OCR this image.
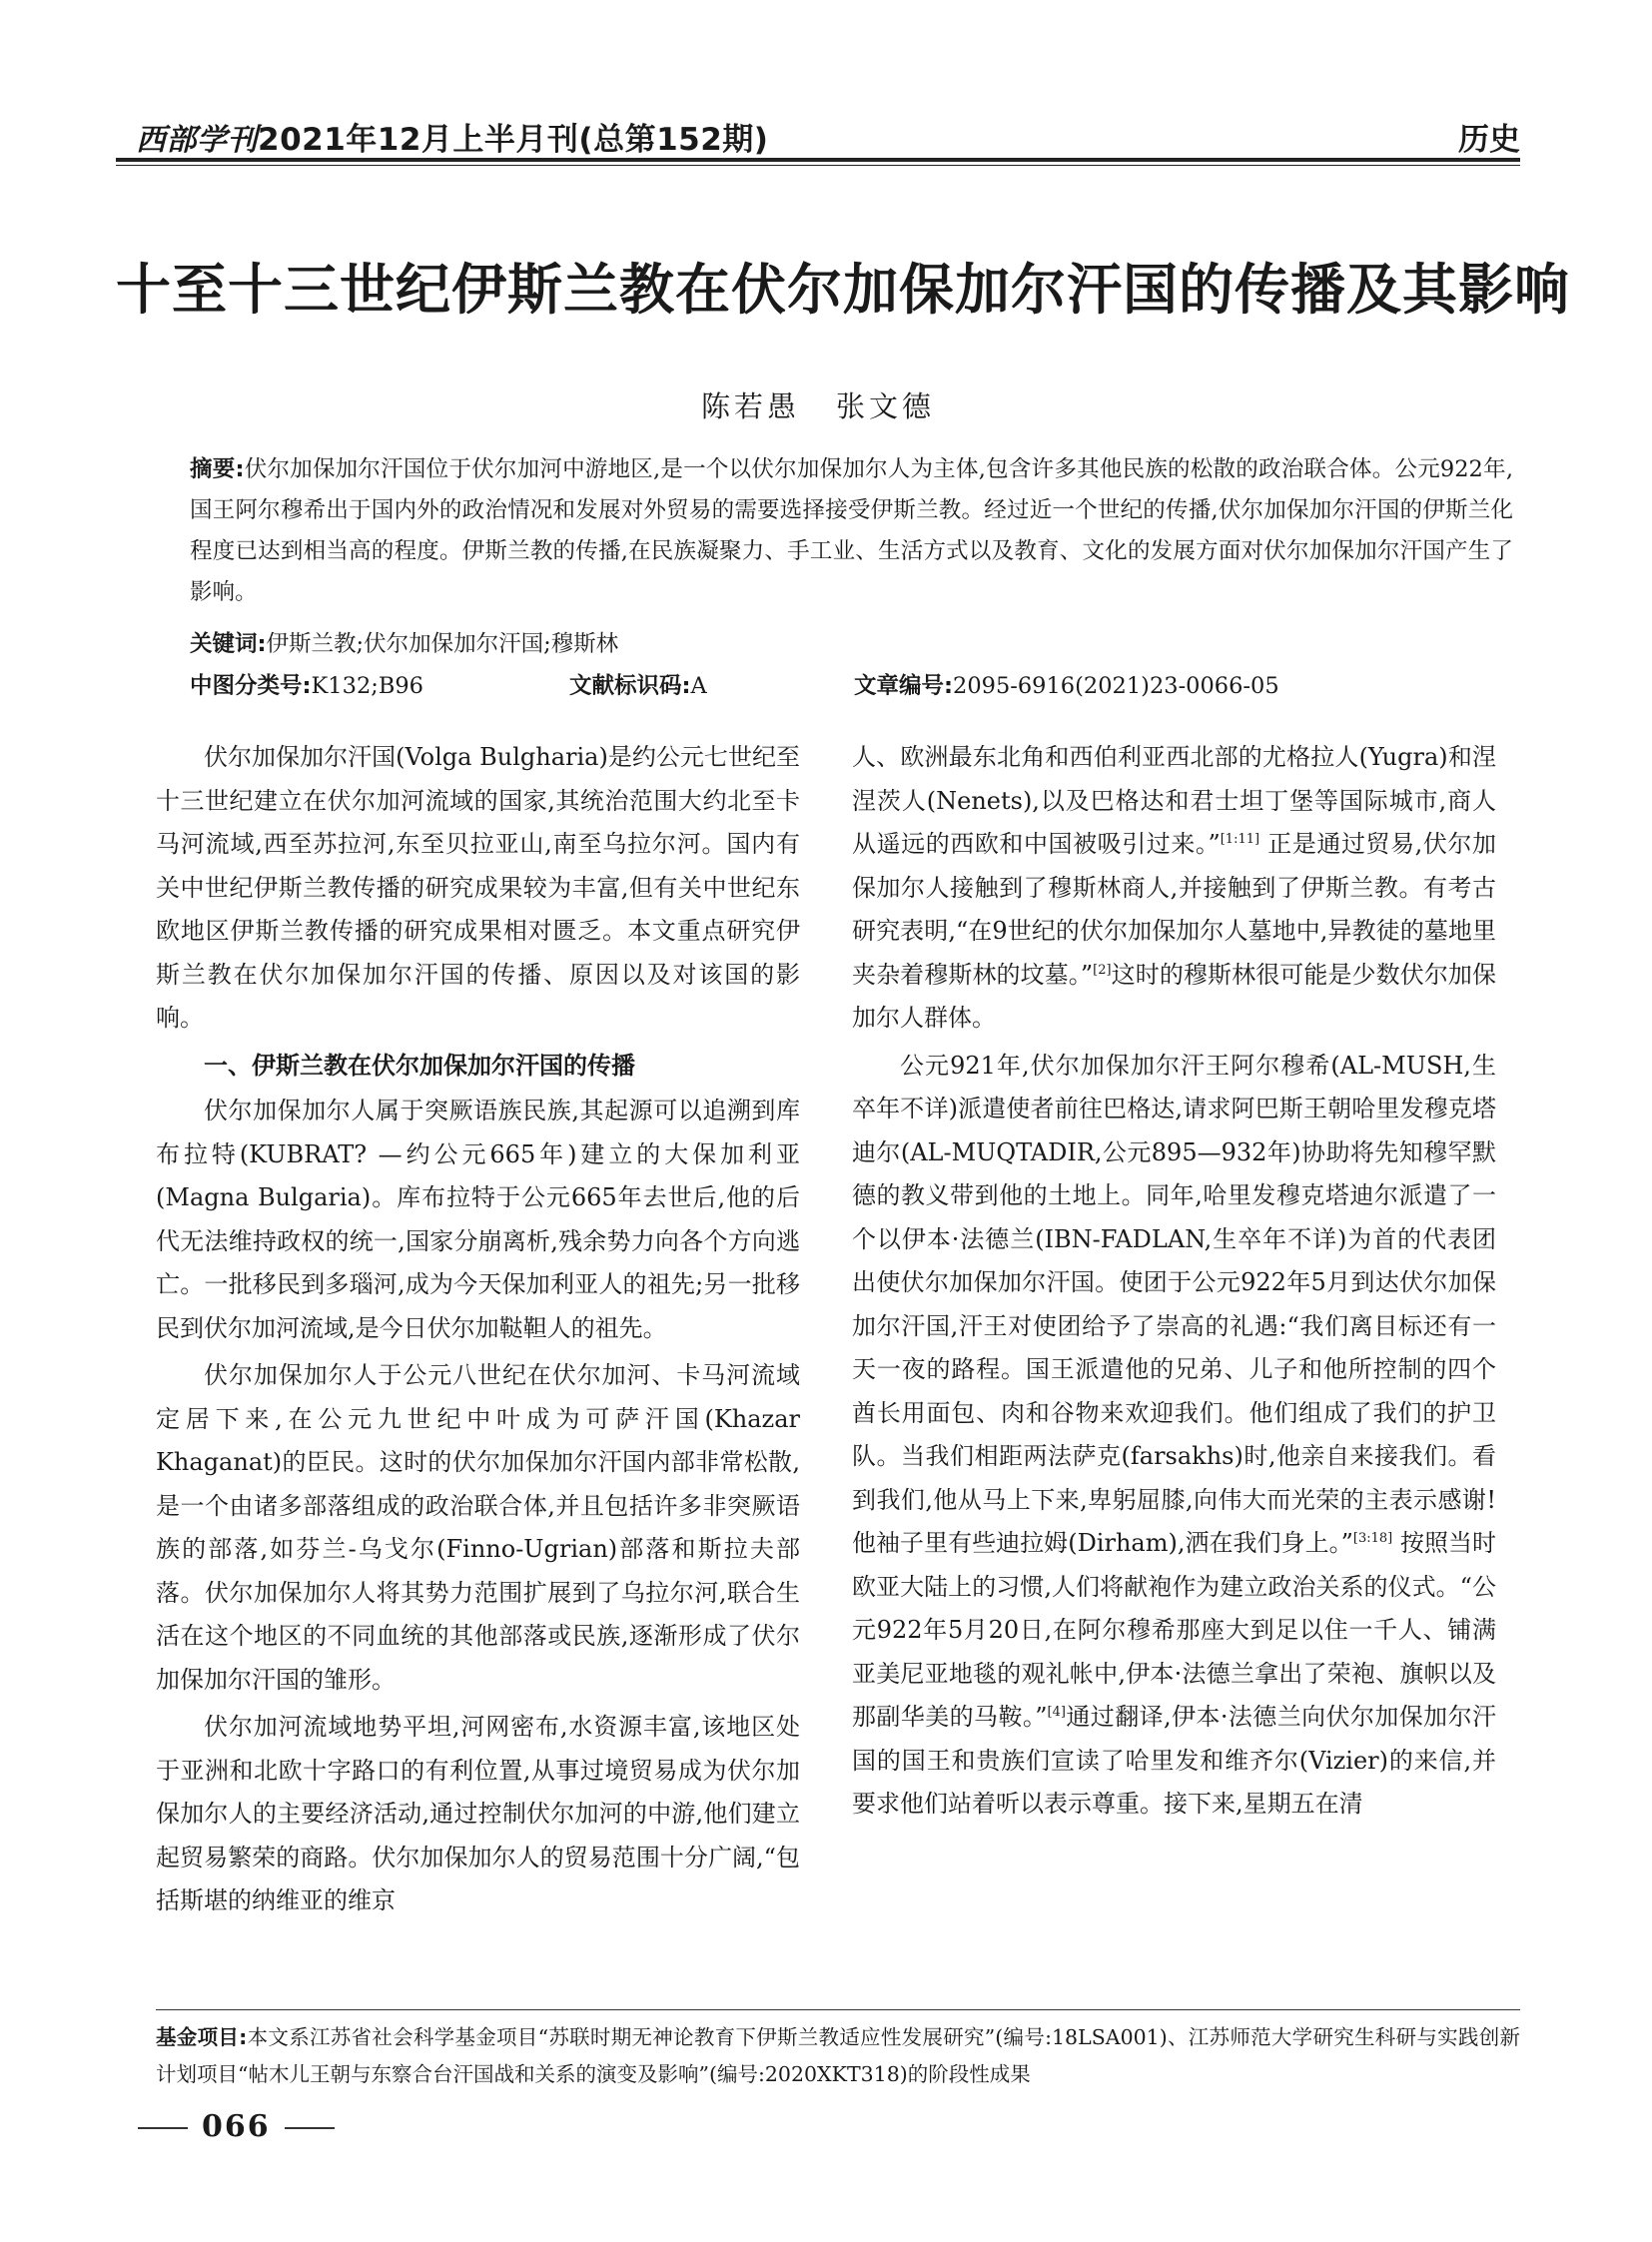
西部学刊2021年12月上半月刊(总第152期)	历史
十至十三世纪伊斯兰教在伏尔加保加尔汗国的传播及其影响
陈若愚 张文德
摘要:伏尔加保加尔汗国位于伏尔加河中游地区,是一个以伏尔加保加尔人为主体,包含许多其他民族的松散的政治联合体。公元922年,国王阿尔穆希出于国内外的政治情况和发展对外贸易的需要选择接受伊斯兰教。经过近一个世纪的传播,伏尔加保加尔汗国的伊斯兰化程度已达到相当高的程度。伊斯兰教的传播,在民族凝聚力、手工业、生活方式以及教育、文化的发展方面对伏尔加保加尔汗国产生了影响。
关键词:伊斯兰教;伏尔加保加尔汗国;穆斯林
中图分类号:K132;B96	文献标识码:A	文章编号:2095-6916(2021)23-0066-05

伏尔加保加尔汗国(Volga Bulgharia)是约公元七世纪至十三世纪建立在伏尔加河流域的国家,其统治范围大约北至卡马河流域,西至苏拉河,东至贝拉亚山,南至乌拉尔河。国内有关中世纪伊斯兰教传播的研究成果较为丰富,但有关中世纪东欧地区伊斯兰教传播的研究成果相对匮乏。本文重点研究伊斯兰教在伏尔加保加尔汗国的传播、原因以及对该国的影响。

一、伊斯兰教在伏尔加保加尔汗国的传播

伏尔加保加尔人属于突厥语族民族,其起源可以追溯到库布拉特(KUBRAT? —约公元665年)建立的大保加利亚(Magna Bulgaria)。库布拉特于公元665年去世后,他的后代无法维持政权的统一,国家分崩离析,残余势力向各个方向逃亡。一批移民到多瑙河,成为今天保加利亚人的祖先;另一批移民到伏尔加河流域,是今日伏尔加鞑靼人的祖先。

伏尔加保加尔人于公元八世纪在伏尔加河、卡马河流域定居下来,在公元九世纪中叶成为可萨汗国(Khazar Khaganat)的臣民。这时的伏尔加保加尔汗国内部非常松散,是一个由诸多部落组成的政治联合体,并且包括许多非突厥语族的部落,如芬兰-乌戈尔(Finno-Ugrian)部落和斯拉夫部落。伏尔加保加尔人将其势力范围扩展到了乌拉尔河,联合生活在这个地区的不同血统的其他部落或民族,逐渐形成了伏尔加保加尔汗国的雏形。

伏尔加河流域地势平坦,河网密布,水资源丰富,该地区处于亚洲和北欧十字路口的有利位置,从事过境贸易成为伏尔加保加尔人的主要经济活动,通过控制伏尔加河的中游,他们建立起贸易繁荣的商路。伏尔加保加尔人的贸易范围十分广阔,“包括斯堪的纳维亚的维京

人、欧洲最东北角和西伯利亚西北部的尤格拉人(Yugra)和涅涅茨人(Nenets),以及巴格达和君士坦丁堡等国际城市,商人从遥远的西欧和中国被吸引过来。”[1:11] 正是通过贸易,伏尔加保加尔人接触到了穆斯林商人,并接触到了伊斯兰教。有考古研究表明,“在9世纪的伏尔加保加尔人墓地中,异教徒的墓地里夹杂着穆斯林的坟墓。”[2]这时的穆斯林很可能是少数伏尔加保加尔人群体。

公元921年,伏尔加保加尔汗王阿尔穆希(AL-MUSH,生卒年不详)派遣使者前往巴格达,请求阿巴斯王朝哈里发穆克塔迪尔(AL-MUQTADIR,公元895—932年)协助将先知穆罕默德的教义带到他的土地上。同年,哈里发穆克塔迪尔派遣了一个以伊本·法德兰(IBN-FADLAN,生卒年不详)为首的代表团出使伏尔加保加尔汗国。使团于公元922年5月到达伏尔加保加尔汗国,汗王对使团给予了崇高的礼遇:“我们离目标还有一天一夜的路程。国王派遣他的兄弟、儿子和他所控制的四个酋长用面包、肉和谷物来欢迎我们。他们组成了我们的护卫队。当我们相距两法萨克(farsakhs)时,他亲自来接我们。看到我们,他从马上下来,卑躬屈膝,向伟大而光荣的主表示感谢!他袖子里有些迪拉姆(Dirham),洒在我们身上。”[3:18] 按照当时欧亚大陆上的习惯,人们将献袍作为建立政治关系的仪式。“公元922年5月20日,在阿尔穆希那座大到足以住一千人、铺满亚美尼亚地毯的观礼帐中,伊本·法德兰拿出了荣袍、旗帜以及那副华美的马鞍。”[4]通过翻译,伊本·法德兰向伏尔加保加尔汗国的国王和贵族们宣读了哈里发和维齐尔(Vizier)的来信,并要求他们站着听以表示尊重。接下来,星期五在清

基金项目:本文系江苏省社会科学基金项目“苏联时期无神论教育下伊斯兰教适应性发展研究”(编号:18LSA001)、江苏师范大学研究生科研与实践创新计划项目“帖木儿王朝与东察合台汗国战和关系的演变及影响”(编号:2020XKT318)的阶段性成果
066
